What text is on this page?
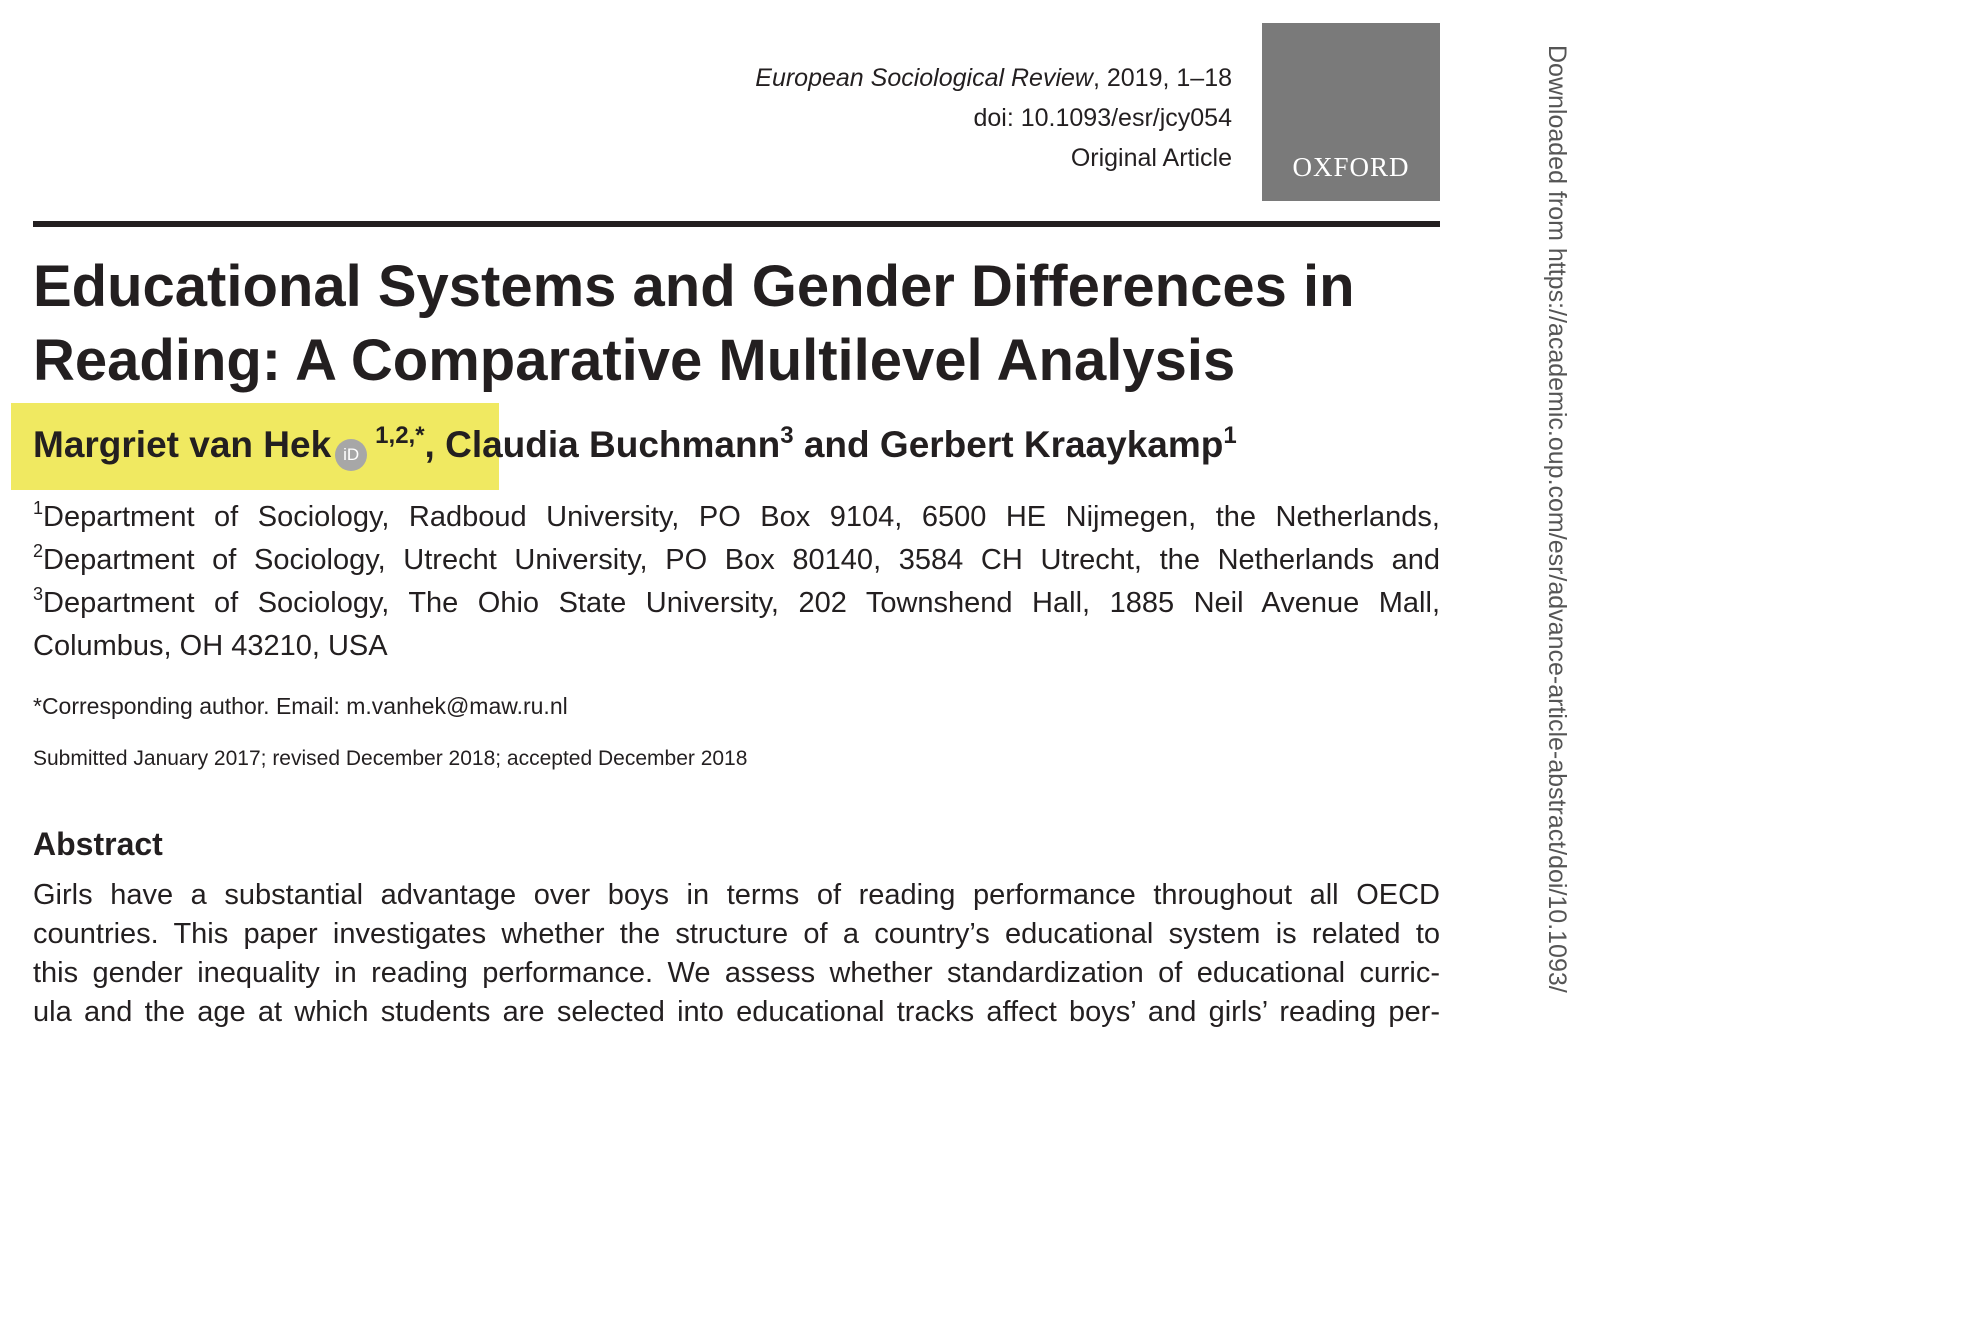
European Sociological Review, 2019, 1–18
doi: 10.1093/esr/jcy054
Original Article	OXFORD
Educational Systems and Gender Differences in
Reading: A Comparative Multilevel Analysis

Margriet van Hek $iD^{1,2,*}$, Claudia Buchmann$^3$ and Gerbert Kraaykamp$^1$

$^1$Department of Sociology, Radboud University, PO Box 9104, 6500 HE Nijmegen, the Netherlands,
$^2$Department of Sociology, Utrecht University, PO Box 80140, 3584 CH Utrecht, the Netherlands and
$^3$Department of Sociology, The Ohio State University, 202 Townshend Hall, 1885 Neil Avenue Mall,
Columbus, OH 43210, USA
*Corresponding author. Email: m.vanhek@maw.ru.nl
Submitted January 2017; revised December 2018; accepted December 2018
Abstract
Girls have a substantial advantage over boys in terms of reading performance throughout all OECD
countries. This paper investigates whether the structure of a country’s educational system is related to
this gender inequality in reading performance. We assess whether standardization of educational curric-
ula and the age at which students are selected into educational tracks affect boys’ and girls’ reading per-
Downloaded from https://academic.oup.com/esr/advance-article-abstract/doi/10.1093/
